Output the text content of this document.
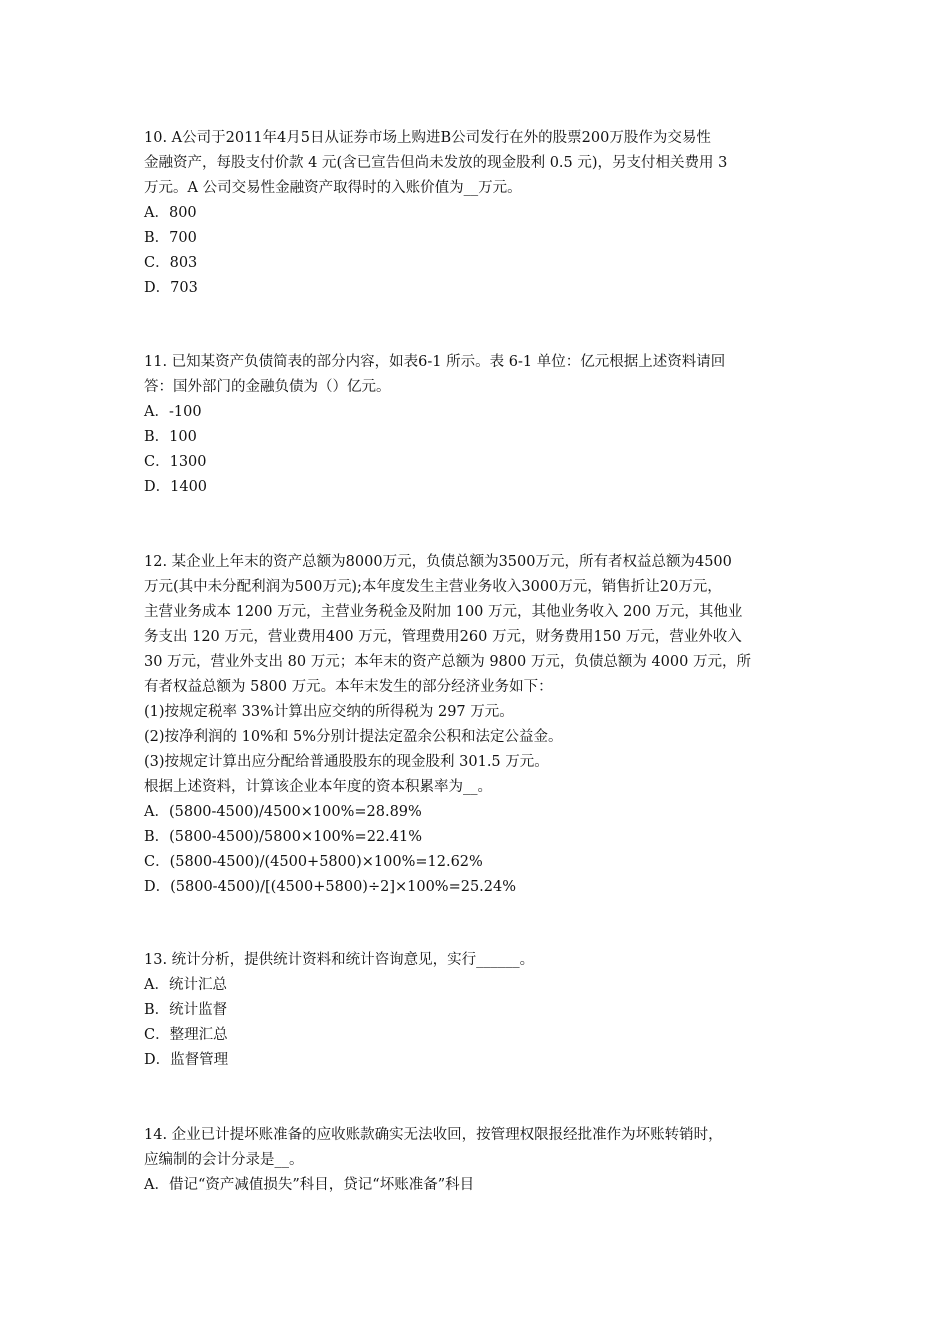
10. A公司于2011年4月5日从证券市场上购进B公司发行在外的股票200万股作为交易性
金融资产，每股支付价款 4 元(含已宣告但尚未发放的现金股利 0.5 元)，另支付相关费用 3
万元。A 公司交易性金融资产取得时的入账价值为__万元。

A．800
B．700
C．803
D．703

11. 已知某资产负债简表的部分内容，如表6-1 所示。表 6-1 单位：亿元根据上述资料请回
答：国外部门的金融负债为（）亿元。

A．-100
B．100
C．1300
D．1400

12. 某企业上年末的资产总额为8000万元，负债总额为3500万元，所有者权益总额为4500
万元(其中未分配利润为500万元);本年度发生主营业务收入3000万元，销售折让20万元，
主营业务成本 1200 万元，主营业务税金及附加 100 万元，其他业务收入 200 万元，其他业
务支出 120 万元，营业费用400 万元，管理费用260 万元，财务费用150 万元，营业外收入
30 万元，营业外支出 80 万元；本年末的资产总额为 9800 万元，负债总额为 4000 万元，所
有者权益总额为 5800 万元。本年末发生的部分经济业务如下：
(1)按规定税率 33%计算出应交纳的所得税为 297 万元。
(2)按净利润的 10%和 5%分别计提法定盈余公积和法定公益金。
(3)按规定计算出应分配给普通股股东的现金股利 301.5 万元。
根据上述资料，计算该企业本年度的资本积累率为__。

A．(5800-4500)/4500×100%=28.89%
B．(5800-4500)/5800×100%=22.41%
C．(5800-4500)/(4500+5800)×100%=12.62%
D．(5800-4500)/[(4500+5800)÷2]×100%=25.24%

13. 统计分析，提供统计资料和统计咨询意见，实行______。

A．统计汇总
B．统计监督
C．整理汇总
D．监督管理

14. 企业已计提坏账准备的应收账款确实无法收回，按管理权限报经批准作为坏账转销时，
应编制的会计分录是__。

A．借记“资产减值损失”科目，贷记“坏账准备”科目
